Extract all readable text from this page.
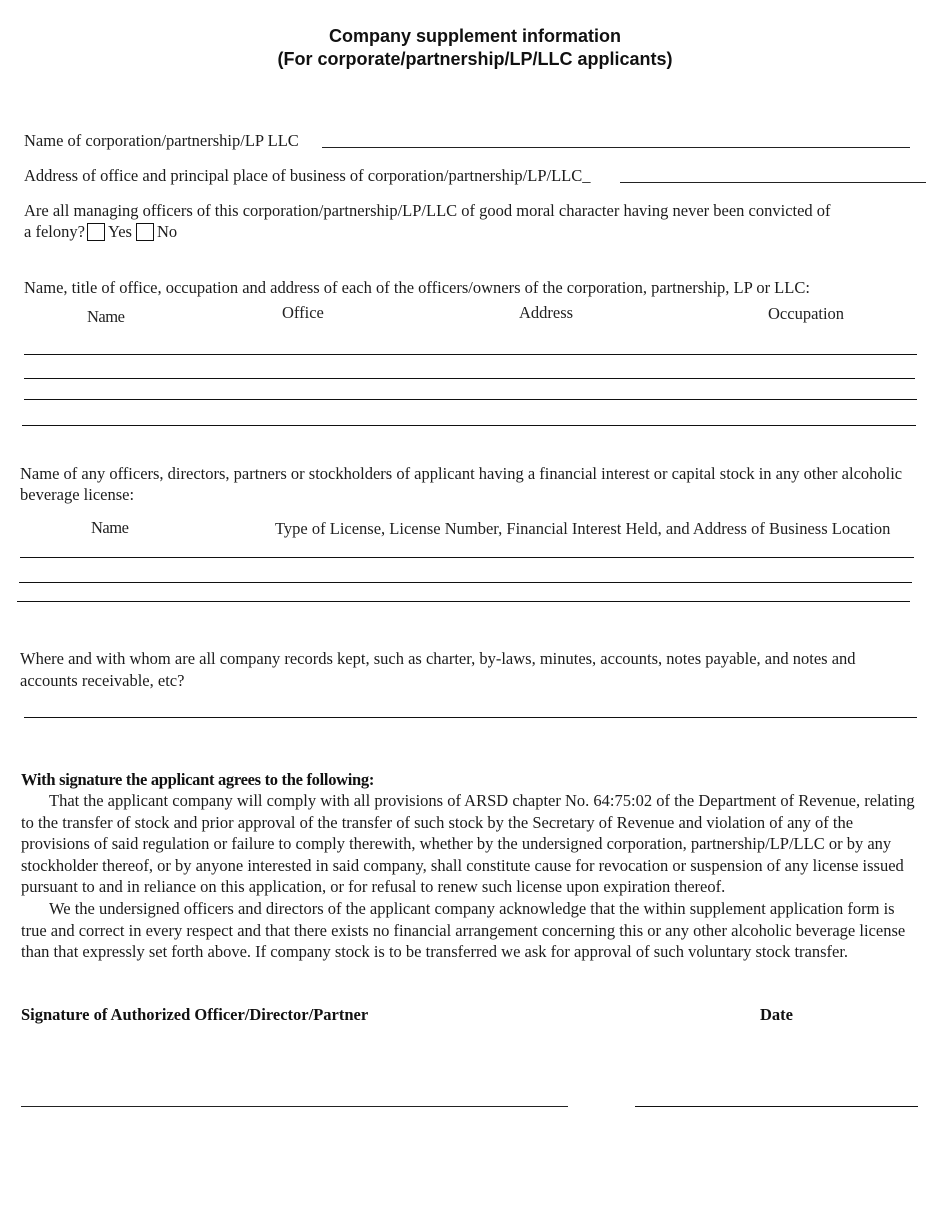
Company supplement information
(For corporate/partnership/LP/LLC applicants)
Name of corporation/partnership/LP LLC
Address of office and principal place of business of corporation/partnership/LP/LLC_
Are all managing officers of this corporation/partnership/LP/LLC of good moral character having never been convicted of
a felony? Yes No
Name, title of office, occupation and address of each of the officers/owners of the corporation, partnership, LP or LLC:
Name	Office	Address	Occupation
Name of any officers, directors, partners or stockholders of applicant having a financial interest or capital stock in any other alcoholic
beverage license:
Name	Type of License, License Number, Financial Interest Held, and Address of Business Location
Where and with whom are all company records kept, such as charter, by-laws, minutes, accounts, notes payable, and notes and
accounts receivable, etc?
With signature the applicant agrees to the following:
That the applicant company will comply with all provisions of ARSD chapter No. 64:75:02 of the Department of Revenue, relating to the transfer of stock and prior approval of the transfer of such stock by the Secretary of Revenue and violation of any of the provisions of said regulation or failure to comply therewith, whether by the undersigned corporation, partnership/LP/LLC or by any stockholder thereof, or by anyone interested in said company, shall constitute cause for revocation or suspension of any license issued pursuant to and in reliance on this application, or for refusal to renew such license upon expiration thereof.
We the undersigned officers and directors of the applicant company acknowledge that the within supplement application form is true and correct in every respect and that there exists no financial arrangement concerning this or any other alcoholic beverage license than that expressly set forth above. If company stock is to be transferred we ask for approval of such voluntary stock transfer.
Signature of Authorized Officer/Director/Partner	Date
